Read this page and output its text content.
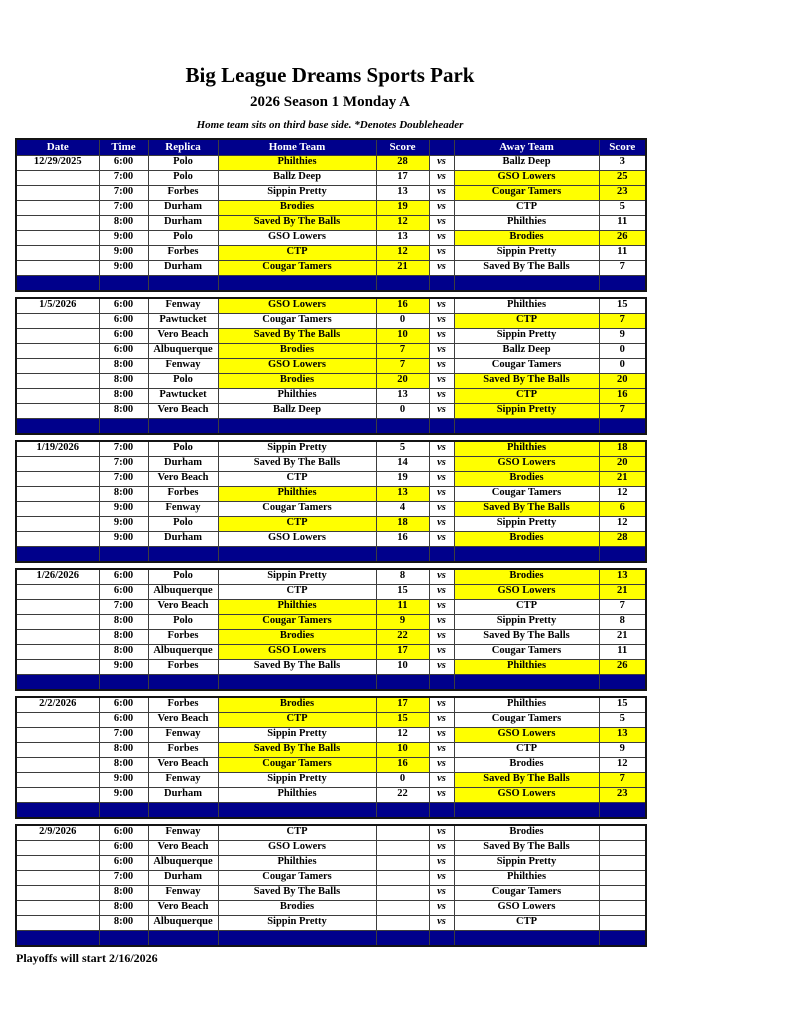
Big League Dreams Sports Park
2026 Season 1 Monday A
Home team sits on third base side. *Denotes Doubleheader
Date	Time	Replica	Home Team	Score		Away Team	Score
12/29/2025	6:00	Polo	Philthies	28	vs	Ballz Deep	3
	7:00	Polo	Ballz Deep	17	vs	GSO Lowers	25
	7:00	Forbes	Sippin Pretty	13	vs	Cougar Tamers	23
	7:00	Durham	Brodies	19	vs	CTP	5
	8:00	Durham	Saved By The Balls	12	vs	Philthies	11
	9:00	Polo	GSO Lowers	13	vs	Brodies	26
	9:00	Forbes	CTP	12	vs	Sippin Pretty	11
	9:00	Durham	Cougar Tamers	21	vs	Saved By The Balls	7

1/5/2026	6:00	Fenway	GSO Lowers	16	vs	Philthies	15
	6:00	Pawtucket	Cougar Tamers	0	vs	CTP	7
	6:00	Vero Beach	Saved By The Balls	10	vs	Sippin Pretty	9
	6:00	Albuquerque	Brodies	7	vs	Ballz Deep	0
	8:00	Fenway	GSO Lowers	7	vs	Cougar Tamers	0
	8:00	Polo	Brodies	20	vs	Saved By The Balls	20
	8:00	Pawtucket	Philthies	13	vs	CTP	16
	8:00	Vero Beach	Ballz Deep	0	vs	Sippin Pretty	7

1/19/2026	7:00	Polo	Sippin Pretty	5	vs	Philthies	18
	7:00	Durham	Saved By The Balls	14	vs	GSO Lowers	20
	7:00	Vero Beach	CTP	19	vs	Brodies	21
	8:00	Forbes	Philthies	13	vs	Cougar Tamers	12
	9:00	Fenway	Cougar Tamers	4	vs	Saved By The Balls	6
	9:00	Polo	CTP	18	vs	Sippin Pretty	12
	9:00	Durham	GSO Lowers	16	vs	Brodies	28

1/26/2026	6:00	Polo	Sippin Pretty	8	vs	Brodies	13
	6:00	Albuquerque	CTP	15	vs	GSO Lowers	21
	7:00	Vero Beach	Philthies	11	vs	CTP	7
	8:00	Polo	Cougar Tamers	9	vs	Sippin Pretty	8
	8:00	Forbes	Brodies	22	vs	Saved By The Balls	21
	8:00	Albuquerque	GSO Lowers	17	vs	Cougar Tamers	11
	9:00	Forbes	Saved By The Balls	10	vs	Philthies	26

2/2/2026	6:00	Forbes	Brodies	17	vs	Philthies	15
	6:00	Vero Beach	CTP	15	vs	Cougar Tamers	5
	7:00	Fenway	Sippin Pretty	12	vs	GSO Lowers	13
	8:00	Forbes	Saved By The Balls	10	vs	CTP	9
	8:00	Vero Beach	Cougar Tamers	16	vs	Brodies	12
	9:00	Fenway	Sippin Pretty	0	vs	Saved By The Balls	7
	9:00	Durham	Philthies	22	vs	GSO Lowers	23

2/9/2026	6:00	Fenway	CTP		vs	Brodies	
	6:00	Vero Beach	GSO Lowers		vs	Saved By The Balls	
	6:00	Albuquerque	Philthies		vs	Sippin Pretty	
	7:00	Durham	Cougar Tamers		vs	Philthies	
	8:00	Fenway	Saved By The Balls		vs	Cougar Tamers	
	8:00	Vero Beach	Brodies		vs	GSO Lowers	
	8:00	Albuquerque	Sippin Pretty		vs	CTP	

Playoffs will start 2/16/2026
